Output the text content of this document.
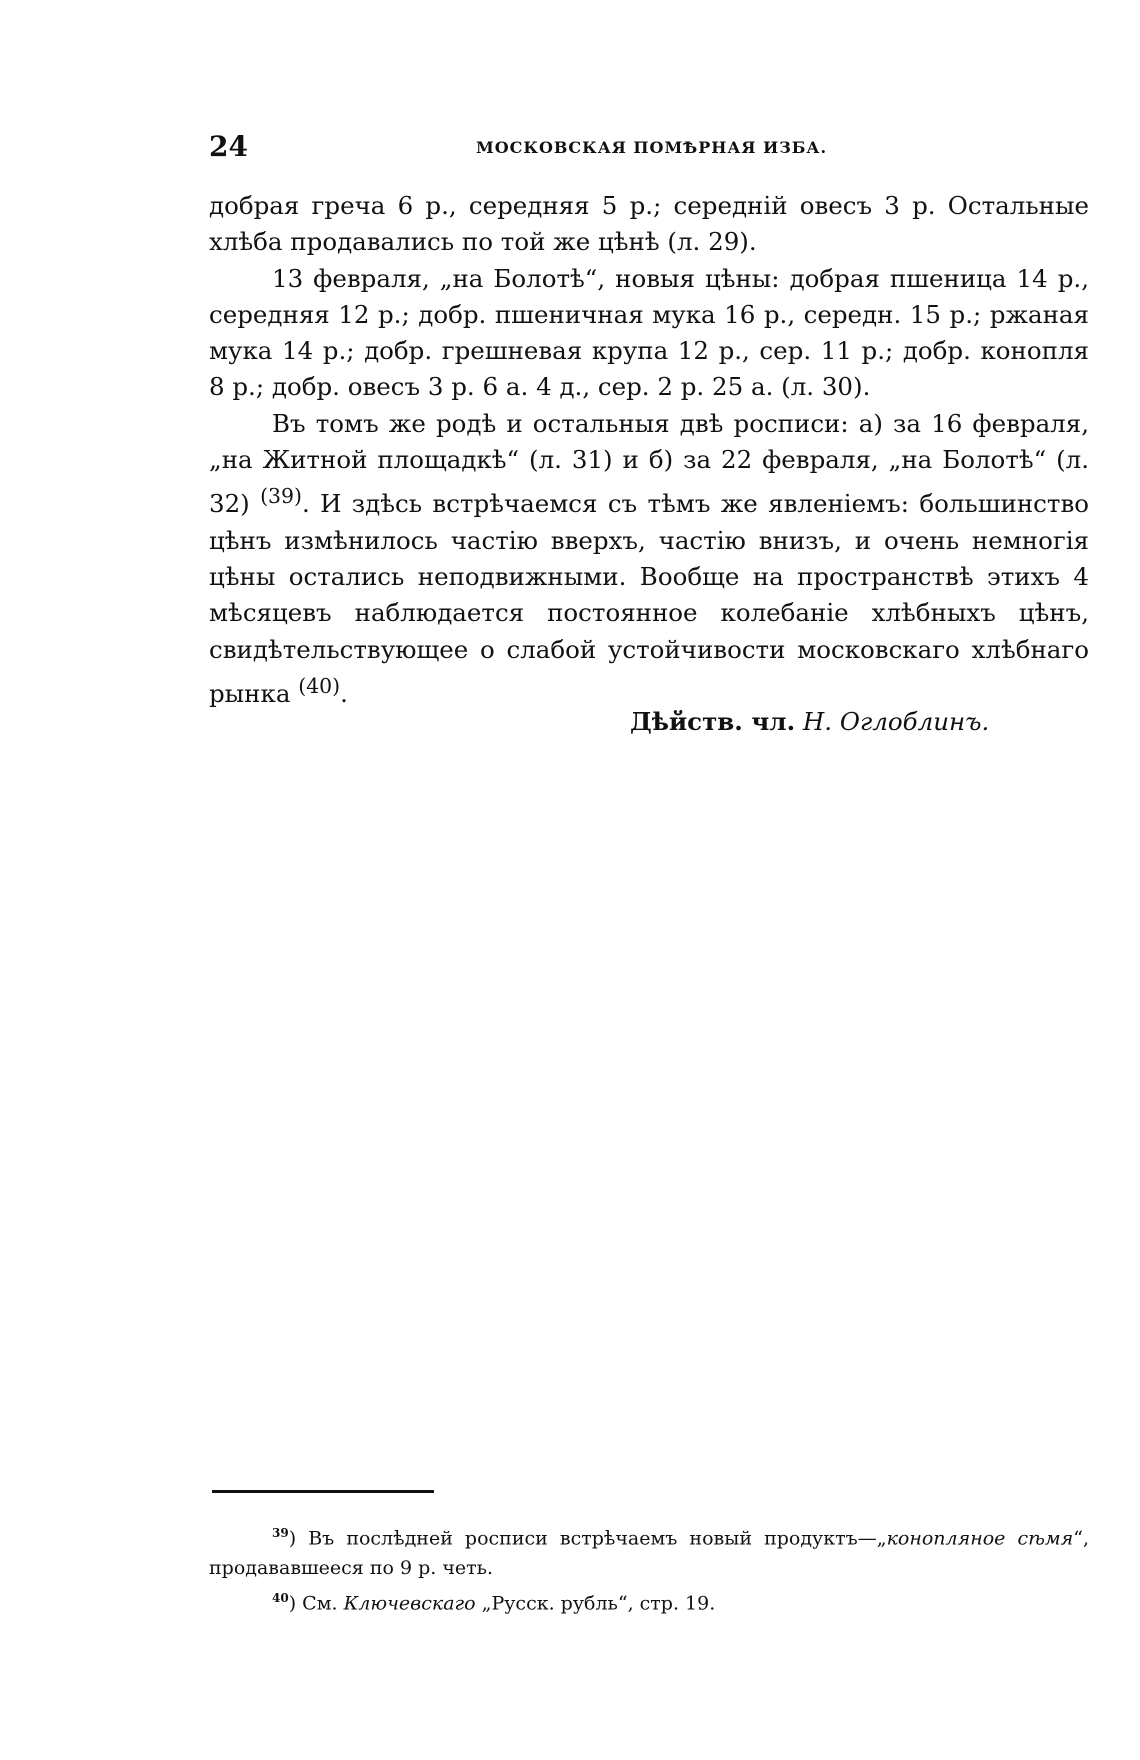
24	МОСКОВСКАЯ ПОМѢРНАЯ ИЗБА.

добрая греча 6 р., середняя 5 р.; середній овесъ 3 р. Остальные хлѣба продавались по той же цѣнѣ (л. 29).

13 февраля, „на Болотѣ“, новыя цѣны: добрая пшеница 14 р., середняя 12 р.; добр. пшеничная мука 16 р., середн. 15 р.; ржаная мука 14 р.; добр. грешневая крупа 12 р., сер. 11 р.; добр. конопля 8 р.; добр. овесъ 3 р. 6 а. 4 д., сер. 2 р. 25 а. (л. 30).

Въ томъ же родѣ и остальныя двѣ росписи: а) за 16 февраля, „на Житной площадкѣ“ (л. 31) и б) за 22 февраля, „на Болотѣ“ (л. 32) $^{(39)}$. И здѣсь встрѣчаемся съ тѣмъ же явленіемъ: большинство цѣнъ измѣнилось частію вверхъ, частію внизъ, и очень немногія цѣны остались неподвижными. Вообще на пространствѣ этихъ 4 мѣсяцевъ наблюдается постоянное колебаніе хлѣбныхъ цѣнъ, свидѣтельствующее о слабой устойчивости московскаго хлѣбнаго рынка $^{(40)}$.

Дѣйств. чл. Н. Оглоблинъ.

$^{39}$) Въ послѣдней росписи встрѣчаемъ новый продуктъ—„конопляное сѣмя“, продававшееся по 9 р. четь.

$^{40}$) См. Ключевскаго „Русск. рубль“, стр. 19.
